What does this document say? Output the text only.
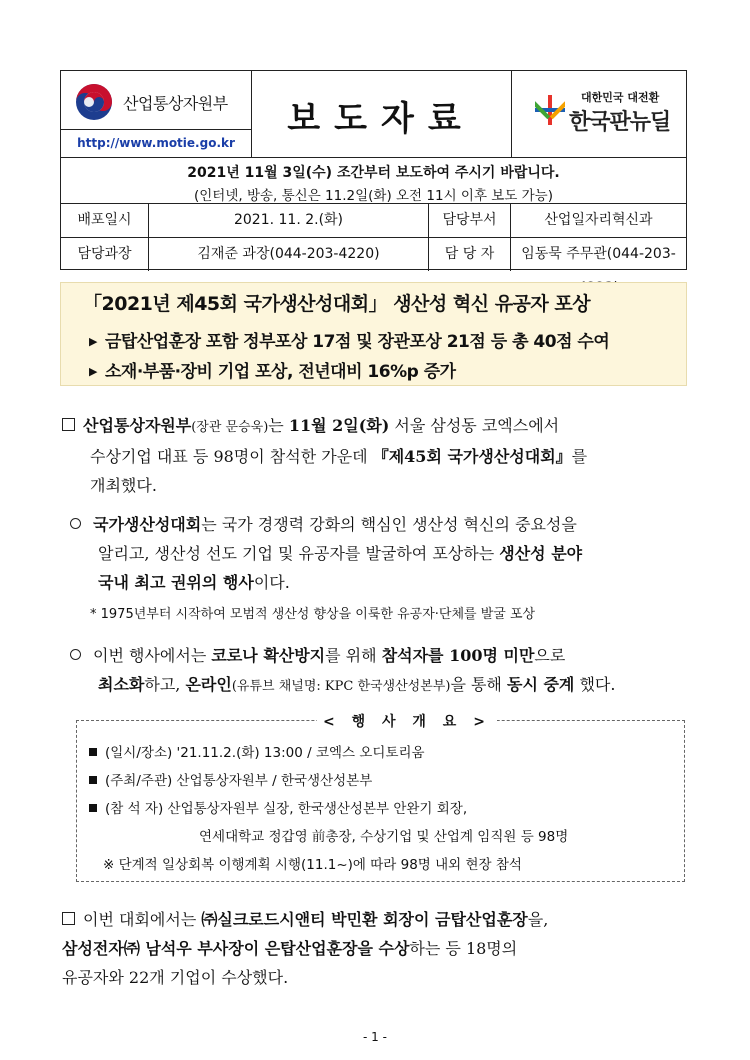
산업통상자원부
http://www.motie.go.kr
보도자료
대한민국 대전환
한국판뉴딜
2021년 11월 3일(수) 조간부터 보도하여 주시기 바랍니다.
(인터넷, 방송, 통신은 11.2일(화) 오전 11시 이후 보도 가능)
배포일시	2021. 11. 2.(화)	담당부서	산업일자리혁신과
담당과장	김재준 과장(044-203-4220)	담 당 자	임동묵 주무관(044-203-
「2021년 제45회 국가생산성대회」 생산성 혁신 유공자 포상
▶ 금탑산업훈장 포함 정부포상 17점 및 장관포상 21점 등 총 40점 수여
▶ 소재·부품·장비 기업 포상, 전년대비 16%p 증가
산업통상자원부(장관 문승욱)는 11월 2일(화) 서울 삼성동 코엑스에서
수상기업 대표 등 98명이 참석한 가운데 『제45회 국가생산성대회』를
개최했다.
국가생산성대회는 국가 경쟁력 강화의 핵심인 생산성 혁신의 중요성을
알리고, 생산성 선도 기업 및 유공자를 발굴하여 포상하는 생산성 분야
국내 최고 권위의 행사이다.
* 1975년부터 시작하여 모범적 생산성 향상을 이룩한 유공자·단체를 발굴 포상
이번 행사에서는 코로나 확산방지를 위해 참석자를 100명 미만으로
최소화하고, 온라인(유튜브 채널명: KPC 한국생산성본부)을 통해 동시 중계 했다.
< 행 사 개 요 >
(일시/장소) '21.11.2.(화) 13:00 / 코엑스 오디토리움
(주최/주관) 산업통상자원부 / 한국생산성본부
(참 석 자) 산업통상자원부 실장, 한국생산성본부 안완기 회장,
연세대학교 정갑영 前총장, 수상기업 및 산업계 임직원 등 98명
※ 단계적 일상회복 이행계획 시행(11.1~)에 따라 98명 내외 현장 참석
이번 대회에서는 ㈜실크로드시앤티 박민환 회장이 금탑산업훈장을,
삼성전자㈜ 남석우 부사장이 은탑산업훈장을 수상하는 등 18명의
유공자와 22개 기업이 수상했다.
- 1 -
